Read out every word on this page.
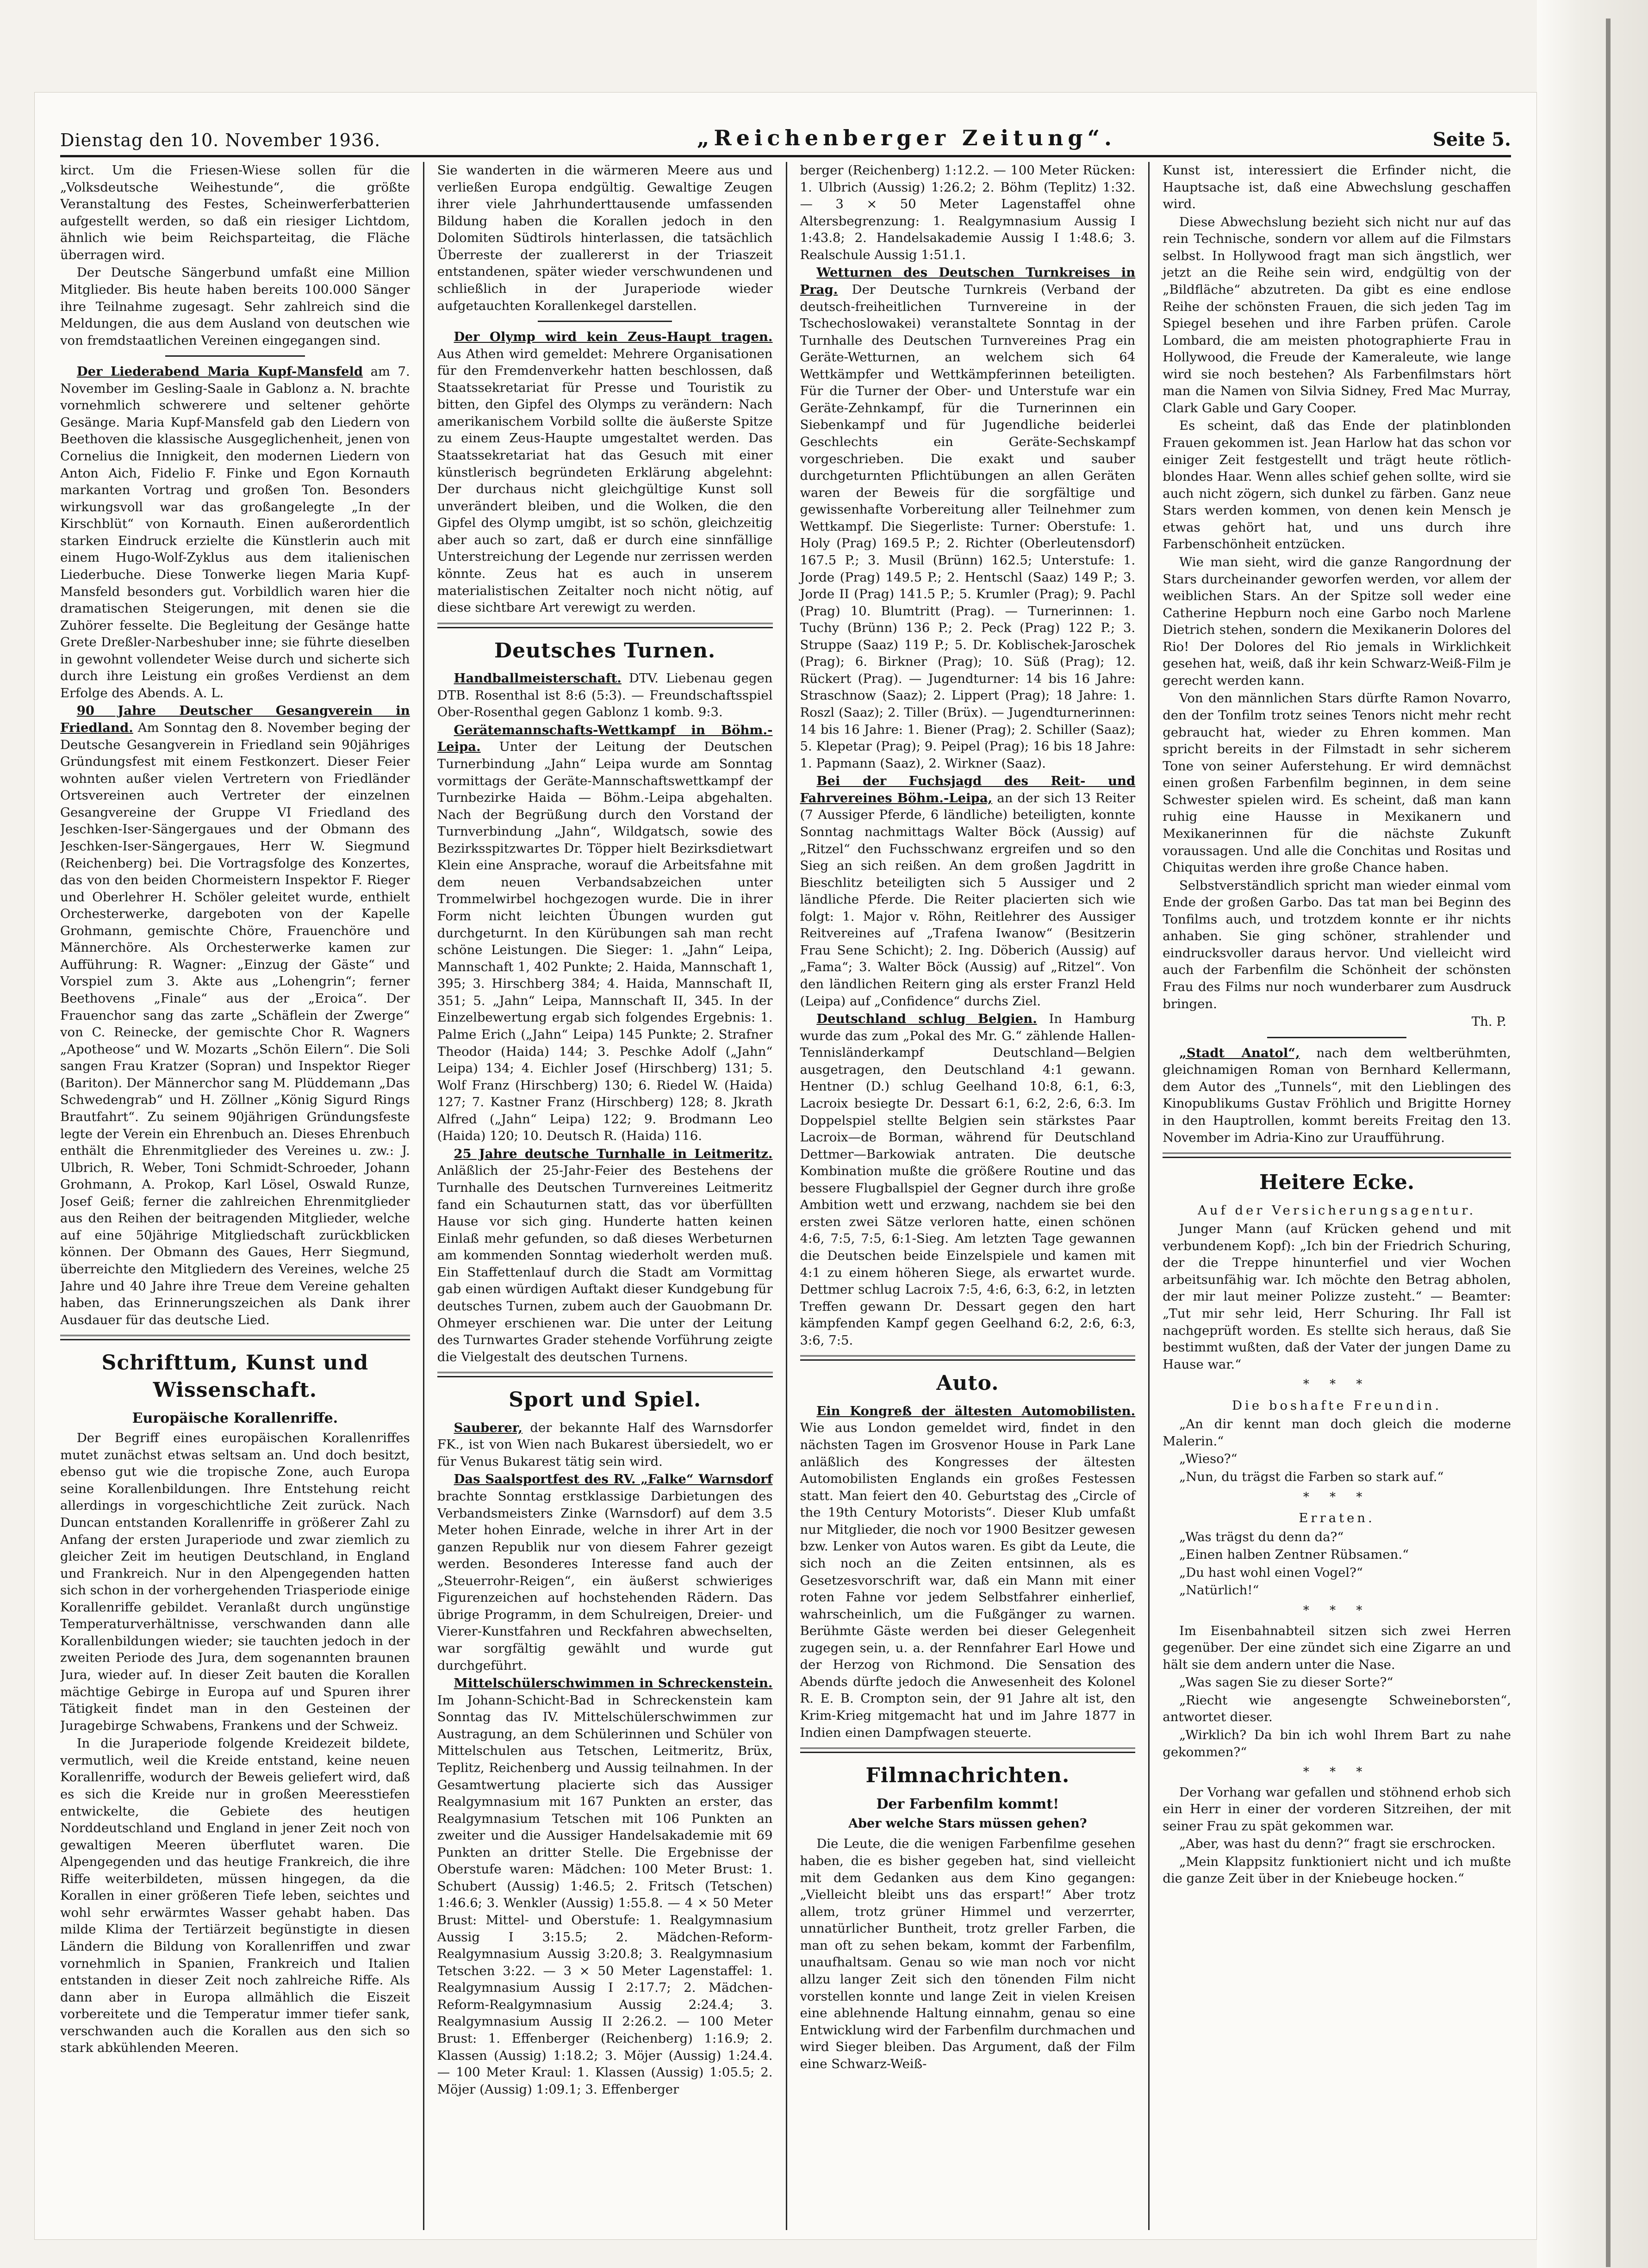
Dienstag den 10. November 1936.	„Reichenberger Zeitung“.	Seite 5.

kirct. Um die Friesen-Wiese sollen für die „Volksdeutsche Weihestunde“, die größte Veranstaltung des Festes, Scheinwerferbatterien aufgestellt werden, so daß ein riesiger Lichtdom, ähnlich wie beim Reichsparteitag, die Fläche überragen wird.

Der Deutsche Sängerbund umfaßt eine Million Mitglieder. Bis heute haben bereits 100.000 Sänger ihre Teilnahme zugesagt. Sehr zahlreich sind die Meldungen, die aus dem Ausland von deutschen wie von fremdstaatlichen Vereinen eingegangen sind.

Der Liederabend Maria Kupf-Mansfeld am 7. November im Gesling-Saale in Gablonz a. N. brachte vornehmlich schwerere und seltener gehörte Gesänge. Maria Kupf-Mansfeld gab den Liedern von Beethoven die klassische Ausgeglichenheit, jenen von Cornelius die Innigkeit, den modernen Liedern von Anton Aich, Fidelio F. Finke und Egon Kornauth markanten Vortrag und großen Ton. Besonders wirkungsvoll war das großangelegte „In der Kirschblüt“ von Kornauth. Einen außerordentlich starken Eindruck erzielte die Künstlerin auch mit einem Hugo-Wolf-Zyklus aus dem italienischen Liederbuche. Diese Tonwerke liegen Maria Kupf-Mansfeld besonders gut. Vorbildlich waren hier die dramatischen Steigerungen, mit denen sie die Zuhörer fesselte. Die Begleitung der Gesänge hatte Grete Dreßler-Narbeshuber inne; sie führte dieselben in gewohnt vollendeter Weise durch und sicherte sich durch ihre Leistung ein großes Verdienst an dem Erfolge des Abends. A. L.

90 Jahre Deutscher Gesangverein in Friedland. Am Sonntag den 8. November beging der Deutsche Gesangverein in Friedland sein 90jähriges Gründungsfest mit einem Festkonzert. Dieser Feier wohnten außer vielen Vertretern von Friedländer Ortsvereinen auch Vertreter der einzelnen Gesangvereine der Gruppe VI Friedland des Jeschken-Iser-Sängergaues und der Obmann des Jeschken-Iser-Sängergaues, Herr W. Siegmund (Reichenberg) bei. Die Vortragsfolge des Konzertes, das von den beiden Chormeistern Inspektor F. Rieger und Oberlehrer H. Schöler geleitet wurde, enthielt Orchesterwerke, dargeboten von der Kapelle Grohmann, gemischte Chöre, Frauenchöre und Männerchöre. Als Orchesterwerke kamen zur Aufführung: R. Wagner: „Einzug der Gäste“ und Vorspiel zum 3. Akte aus „Lohengrin“; ferner Beethovens „Finale“ aus der „Eroica“. Der Frauenchor sang das zarte „Schäflein der Zwerge“ von C. Reinecke, der gemischte Chor R. Wagners „Apotheose“ und W. Mozarts „Schön Eilern“. Die Soli sangen Frau Kratzer (Sopran) und Inspektor Rieger (Bariton). Der Männerchor sang M. Plüddemann „Das Schwedengrab“ und H. Zöllner „König Sigurd Rings Brautfahrt“. Zu seinem 90jährigen Gründungsfeste legte der Verein ein Ehrenbuch an. Dieses Ehrenbuch enthält die Ehrenmitglieder des Vereines u. zw.: J. Ulbrich, R. Weber, Toni Schmidt-Schroeder, Johann Grohmann, A. Prokop, Karl Lösel, Oswald Runze, Josef Geiß; ferner die zahlreichen Ehrenmitglieder aus den Reihen der beitragenden Mitglieder, welche auf eine 50jährige Mitgliedschaft zurückblicken können. Der Obmann des Gaues, Herr Siegmund, überreichte den Mitgliedern des Vereines, welche 25 Jahre und 40 Jahre ihre Treue dem Vereine gehalten haben, das Erinnerungszeichen als Dank ihrer Ausdauer für das deutsche Lied.

Schrifttum, Kunst und Wissenschaft.
Europäische Korallenriffe.

Der Begriff eines europäischen Korallenriffes mutet zunächst etwas seltsam an. Und doch besitzt, ebenso gut wie die tropische Zone, auch Europa seine Korallenbildungen. Ihre Entstehung reicht allerdings in vorgeschichtliche Zeit zurück. Nach Duncan entstanden Korallenriffe in größerer Zahl zu Anfang der ersten Juraperiode und zwar ziemlich zu gleicher Zeit im heutigen Deutschland, in England und Frankreich. Nur in den Alpengegenden hatten sich schon in der vorhergehenden Triasperiode einige Korallenriffe gebildet. Veranlaßt durch ungünstige Temperaturverhältnisse, verschwanden dann alle Korallenbildungen wieder; sie tauchten jedoch in der zweiten Periode des Jura, dem sogenannten braunen Jura, wieder auf. In dieser Zeit bauten die Korallen mächtige Gebirge in Europa auf und Spuren ihrer Tätigkeit findet man in den Gesteinen der Juragebirge Schwabens, Frankens und der Schweiz.

In die Juraperiode folgende Kreidezeit bildete, vermutlich, weil die Kreide entstand, keine neuen Korallenriffe, wodurch der Beweis geliefert wird, daß es sich die Kreide nur in großen Meeresstiefen entwickelte, die Gebiete des heutigen Norddeutschland und England in jener Zeit noch von gewaltigen Meeren überflutet waren. Die Alpengegenden und das heutige Frankreich, die ihre Riffe weiterbildeten, müssen hingegen, da die Korallen in einer größeren Tiefe leben, seichtes und wohl sehr erwärmtes Wasser gehabt haben. Das milde Klima der Tertiärzeit begünstigte in diesen Ländern die Bildung von Korallenriffen und zwar vornehmlich in Spanien, Frankreich und Italien entstanden in dieser Zeit noch zahlreiche Riffe. Als dann aber in Europa allmählich die Eiszeit vorbereitete und die Temperatur immer tiefer sank, verschwanden auch die Korallen aus den sich so stark abkühlenden Meeren.

Sie wanderten in die wärmeren Meere aus und verließen Europa endgültig. Gewaltige Zeugen ihrer viele Jahrhunderttausende umfassenden Bildung haben die Korallen jedoch in den Dolomiten Südtirols hinterlassen, die tatsächlich Überreste der zuallererst in der Triaszeit entstandenen, später wieder verschwundenen und schließlich in der Juraperiode wieder aufgetauchten Korallenkegel darstellen.

Der Olymp wird kein Zeus-Haupt tragen. Aus Athen wird gemeldet: Mehrere Organisationen für den Fremdenverkehr hatten beschlossen, daß Staatssekretariat für Presse und Touristik zu bitten, den Gipfel des Olymps zu verändern: Nach amerikanischem Vorbild sollte die äußerste Spitze zu einem Zeus-Haupte umgestaltet werden. Das Staatssekretariat hat das Gesuch mit einer künstlerisch begründeten Erklärung abgelehnt: Der durchaus nicht gleichgültige Kunst soll unverändert bleiben, und die Wolken, die den Gipfel des Olymp umgibt, ist so schön, gleichzeitig aber auch so zart, daß er durch eine sinnfällige Unterstreichung der Legende nur zerrissen werden könnte. Zeus hat es auch in unserem materialistischen Zeitalter noch nicht nötig, auf diese sichtbare Art verewigt zu werden.

Deutsches Turnen.

Handballmeisterschaft. DTV. Liebenau gegen DTB. Rosenthal ist 8:6 (5:3). — Freundschaftsspiel Ober-Rosenthal gegen Gablonz 1 komb. 9:3.

Gerätemannschafts-Wettkampf in Böhm.-Leipa. Unter der Leitung der Deutschen Turnerbindung „Jahn“ Leipa wurde am Sonntag vormittags der Geräte-Mannschaftswettkampf der Turnbezirke Haida — Böhm.-Leipa abgehalten. Nach der Begrüßung durch den Vorstand der Turnverbindung „Jahn“, Wildgatsch, sowie des Bezirksspitzwartes Dr. Töpper hielt Bezirksdietwart Klein eine Ansprache, worauf die Arbeitsfahne mit dem neuen Verbandsabzeichen unter Trommelwirbel hochgezogen wurde. Die in ihrer Form nicht leichten Übungen wurden gut durchgeturnt. In den Kürübungen sah man recht schöne Leistungen. Die Sieger: 1. „Jahn“ Leipa, Mannschaft 1, 402 Punkte; 2. Haida, Mannschaft 1, 395; 3. Hirschberg 384; 4. Haida, Mannschaft II, 351; 5. „Jahn“ Leipa, Mannschaft II, 345. In der Einzelbewertung ergab sich folgendes Ergebnis: 1. Palme Erich („Jahn“ Leipa) 145 Punkte; 2. Strafner Theodor (Haida) 144; 3. Peschke Adolf („Jahn“ Leipa) 134; 4. Eichler Josef (Hirschberg) 131; 5. Wolf Franz (Hirschberg) 130; 6. Riedel W. (Haida) 127; 7. Kastner Franz (Hirschberg) 128; 8. Jkrath Alfred („Jahn“ Leipa) 122; 9. Brodmann Leo (Haida) 120; 10. Deutsch R. (Haida) 116.

25 Jahre deutsche Turnhalle in Leitmeritz. Anläßlich der 25-Jahr-Feier des Bestehens der Turnhalle des Deutschen Turnvereines Leitmeritz fand ein Schauturnen statt, das vor überfüllten Hause vor sich ging. Hunderte hatten keinen Einlaß mehr gefunden, so daß dieses Werbeturnen am kommenden Sonntag wiederholt werden muß. Ein Staffettenlauf durch die Stadt am Vormittag gab einen würdigen Auftakt dieser Kundgebung für deutsches Turnen, zubem auch der Gauobmann Dr. Ohmeyer erschienen war. Die unter der Leitung des Turnwartes Grader stehende Vorführung zeigte die Vielgestalt des deutschen Turnens.

Sport und Spiel.

Sauberer, der bekannte Half des Warnsdorfer FK., ist von Wien nach Bukarest übersiedelt, wo er für Venus Bukarest tätig sein wird.

Das Saalsportfest des RV. „Falke“ Warnsdorf brachte Sonntag erstklassige Darbietungen des Verbandsmeisters Zinke (Warnsdorf) auf dem 3.5 Meter hohen Einrade, welche in ihrer Art in der ganzen Republik nur von diesem Fahrer gezeigt werden. Besonderes Interesse fand auch der „Steuerrohr-Reigen“, ein äußerst schwieriges Figurenzeichen auf hochstehenden Rädern. Das übrige Programm, in dem Schulreigen, Dreier- und Vierer-Kunstfahren und Reckfahren abwechselten, war sorgfältig gewählt und wurde gut durchgeführt.

Mittelschülerschwimmen in Schreckenstein. Im Johann-Schicht-Bad in Schreckenstein kam Sonntag das IV. Mittelschülerschwimmen zur Austragung, an dem Schülerinnen und Schüler von Mittelschulen aus Tetschen, Leitmeritz, Brüx, Teplitz, Reichenberg und Aussig teilnahmen. In der Gesamtwertung placierte sich das Aussiger Realgymnasium mit 167 Punkten an erster, das Realgymnasium Tetschen mit 106 Punkten an zweiter und die Aussiger Handelsakademie mit 69 Punkten an dritter Stelle. Die Ergebnisse der Oberstufe waren: Mädchen: 100 Meter Brust: 1. Schubert (Aussig) 1:46.5; 2. Fritsch (Tetschen) 1:46.6; 3. Wenkler (Aussig) 1:55.8. — 4 × 50 Meter Brust: Mittel- und Oberstufe: 1. Realgymnasium Aussig I 3:15.5; 2. Mädchen-Reform-Realgymnasium Aussig 3:20.8; 3. Realgymnasium Tetschen 3:22. — 3 × 50 Meter Lagenstaffel: 1. Realgymnasium Aussig I 2:17.7; 2. Mädchen-Reform-Realgymnasium Aussig 2:24.4; 3. Realgymnasium Aussig II 2:26.2. — 100 Meter Brust: 1. Effenberger (Reichenberg) 1:16.9; 2. Klassen (Aussig) 1:18.2; 3. Möjer (Aussig) 1:24.4. — 100 Meter Kraul: 1. Klassen (Aussig) 1:05.5; 2. Möjer (Aussig) 1:09.1; 3. Effenberger

berger (Reichenberg) 1:12.2. — 100 Meter Rücken: 1. Ulbrich (Aussig) 1:26.2; 2. Böhm (Teplitz) 1:32. — 3 × 50 Meter Lagenstaffel ohne Altersbegrenzung: 1. Realgymnasium Aussig I 1:43.8; 2. Handelsakademie Aussig I 1:48.6; 3. Realschule Aussig 1:51.1.

Wetturnen des Deutschen Turnkreises in Prag. Der Deutsche Turnkreis (Verband der deutsch-freiheitlichen Turnvereine in der Tschechoslowakei) veranstaltete Sonntag in der Turnhalle des Deutschen Turnvereines Prag ein Geräte-Wetturnen, an welchem sich 64 Wettkämpfer und Wettkämpferinnen beteiligten. Für die Turner der Ober- und Unterstufe war ein Geräte-Zehnkampf, für die Turnerinnen ein Siebenkampf und für Jugendliche beiderlei Geschlechts ein Geräte-Sechskampf vorgeschrieben. Die exakt und sauber durchgeturnten Pflichtübungen an allen Geräten waren der Beweis für die sorgfältige und gewissenhafte Vorbereitung aller Teilnehmer zum Wettkampf. Die Siegerliste: Turner: Oberstufe: 1. Holy (Prag) 169.5 P.; 2. Richter (Oberleutensdorf) 167.5 P.; 3. Musil (Brünn) 162.5; Unterstufe: 1. Jorde (Prag) 149.5 P.; 2. Hentschl (Saaz) 149 P.; 3. Jorde II (Prag) 141.5 P.; 5. Krumler (Prag); 9. Pachl (Prag) 10. Blumtritt (Prag). — Turnerinnen: 1. Tuchy (Brünn) 136 P.; 2. Peck (Prag) 122 P.; 3. Struppe (Saaz) 119 P.; 5. Dr. Koblischek-Jaroschek (Prag); 6. Birkner (Prag); 10. Süß (Prag); 12. Rückert (Prag). — Jugendturner: 14 bis 16 Jahre: Straschnow (Saaz); 2. Lippert (Prag); 18 Jahre: 1. Roszl (Saaz); 2. Tiller (Brüx). — Jugendturnerinnen: 14 bis 16 Jahre: 1. Biener (Prag); 2. Schiller (Saaz); 5. Klepetar (Prag); 9. Peipel (Prag); 16 bis 18 Jahre: 1. Papmann (Saaz), 2. Wirkner (Saaz).

Bei der Fuchsjagd des Reit- und Fahrvereines Böhm.-Leipa, an der sich 13 Reiter (7 Aussiger Pferde, 6 ländliche) beteiligten, konnte Sonntag nachmittags Walter Böck (Aussig) auf „Ritzel“ den Fuchsschwanz ergreifen und so den Sieg an sich reißen. An dem großen Jagdritt in Bieschlitz beteiligten sich 5 Aussiger und 2 ländliche Pferde. Die Reiter placierten sich wie folgt: 1. Major v. Röhn, Reitlehrer des Aussiger Reitvereines auf „Trafena Iwanow“ (Besitzerin Frau Sene Schicht); 2. Ing. Döberich (Aussig) auf „Fama“; 3. Walter Böck (Aussig) auf „Ritzel“. Von den ländlichen Reitern ging als erster Franzl Held (Leipa) auf „Confidence“ durchs Ziel.

Deutschland schlug Belgien. In Hamburg wurde das zum „Pokal des Mr. G.“ zählende Hallen-Tennisländerkampf Deutschland—Belgien ausgetragen, den Deutschland 4:1 gewann. Hentner (D.) schlug Geelhand 10:8, 6:1, 6:3, Lacroix besiegte Dr. Dessart 6:1, 6:2, 2:6, 6:3. Im Doppelspiel stellte Belgien sein stärkstes Paar Lacroix—de Borman, während für Deutschland Dettmer—Barkowiak antraten. Die deutsche Kombination mußte die größere Routine und das bessere Flugballspiel der Gegner durch ihre große Ambition wett und erzwang, nachdem sie bei den ersten zwei Sätze verloren hatte, einen schönen 4:6, 7:5, 7:5, 6:1-Sieg. Am letzten Tage gewannen die Deutschen beide Einzelspiele und kamen mit 4:1 zu einem höheren Siege, als erwartet wurde. Dettmer schlug Lacroix 7:5, 4:6, 6:3, 6:2, in letzten Treffen gewann Dr. Dessart gegen den hart kämpfenden Kampf gegen Geelhand 6:2, 2:6, 6:3, 3:6, 7:5.

Auto.

Ein Kongreß der ältesten Automobilisten. Wie aus London gemeldet wird, findet in den nächsten Tagen im Grosvenor House in Park Lane anläßlich des Kongresses der ältesten Automobilisten Englands ein großes Festessen statt. Man feiert den 40. Geburtstag des „Circle of the 19th Century Motorists“. Dieser Klub umfaßt nur Mitglieder, die noch vor 1900 Besitzer gewesen bzw. Lenker von Autos waren. Es gibt da Leute, die sich noch an die Zeiten entsinnen, als es Gesetzesvorschrift war, daß ein Mann mit einer roten Fahne vor jedem Selbstfahrer einherlief, wahrscheinlich, um die Fußgänger zu warnen. Berühmte Gäste werden bei dieser Gelegenheit zugegen sein, u. a. der Rennfahrer Earl Howe und der Herzog von Richmond. Die Sensation des Abends dürfte jedoch die Anwesenheit des Kolonel R. E. B. Crompton sein, der 91 Jahre alt ist, den Krim-Krieg mitgemacht hat und im Jahre 1877 in Indien einen Dampfwagen steuerte.

Filmnachrichten.
Der Farbenfilm kommt!
Aber welche Stars müssen gehen?

Die Leute, die die wenigen Farbenfilme gesehen haben, die es bisher gegeben hat, sind vielleicht mit dem Gedanken aus dem Kino gegangen: „Vielleicht bleibt uns das erspart!“ Aber trotz allem, trotz grüner Himmel und verzerrter, unnatürlicher Buntheit, trotz greller Farben, die man oft zu sehen bekam, kommt der Farbenfilm, unaufhaltsam. Genau so wie man noch vor nicht allzu langer Zeit sich den tönenden Film nicht vorstellen konnte und lange Zeit in vielen Kreisen eine ablehnende Haltung einnahm, genau so eine Entwicklung wird der Farbenfilm durchmachen und wird Sieger bleiben. Das Argument, daß der Film eine Schwarz-Weiß-

Kunst ist, interessiert die Erfinder nicht, die Hauptsache ist, daß eine Abwechslung geschaffen wird.

Diese Abwechslung bezieht sich nicht nur auf das rein Technische, sondern vor allem auf die Filmstars selbst. In Hollywood fragt man sich ängstlich, wer jetzt an die Reihe sein wird, endgültig von der „Bildfläche“ abzutreten. Da gibt es eine endlose Reihe der schönsten Frauen, die sich jeden Tag im Spiegel besehen und ihre Farben prüfen. Carole Lombard, die am meisten photographierte Frau in Hollywood, die Freude der Kameraleute, wie lange wird sie noch bestehen? Als Farbenfilmstars hört man die Namen von Silvia Sidney, Fred Mac Murray, Clark Gable und Gary Cooper.

Es scheint, daß das Ende der platinblonden Frauen gekommen ist. Jean Harlow hat das schon vor einiger Zeit festgestellt und trägt heute rötlich-blondes Haar. Wenn alles schief gehen sollte, wird sie auch nicht zögern, sich dunkel zu färben. Ganz neue Stars werden kommen, von denen kein Mensch je etwas gehört hat, und uns durch ihre Farbenschönheit entzücken.

Wie man sieht, wird die ganze Rangordnung der Stars durcheinander geworfen werden, vor allem der weiblichen Stars. An der Spitze soll weder eine Catherine Hepburn noch eine Garbo noch Marlene Dietrich stehen, sondern die Mexikanerin Dolores del Rio! Der Dolores del Rio jemals in Wirklichkeit gesehen hat, weiß, daß ihr kein Schwarz-Weiß-Film je gerecht werden kann.

Von den männlichen Stars dürfte Ramon Novarro, den der Tonfilm trotz seines Tenors nicht mehr recht gebraucht hat, wieder zu Ehren kommen. Man spricht bereits in der Filmstadt in sehr sicherem Tone von seiner Auferstehung. Er wird demnächst einen großen Farbenfilm beginnen, in dem seine Schwester spielen wird. Es scheint, daß man kann ruhig eine Hausse in Mexikanern und Mexikanerinnen für die nächste Zukunft voraussagen. Und alle die Conchitas und Rositas und Chiquitas werden ihre große Chance haben.

Selbstverständlich spricht man wieder einmal vom Ende der großen Garbo. Das tat man bei Beginn des Tonfilms auch, und trotzdem konnte er ihr nichts anhaben. Sie ging schöner, strahlender und eindrucksvoller daraus hervor. Und vielleicht wird auch der Farbenfilm die Schönheit der schönsten Frau des Films nur noch wunderbarer zum Ausdruck bringen.

Th. P.

„Stadt Anatol“, nach dem weltberühmten, gleichnamigen Roman von Bernhard Kellermann, dem Autor des „Tunnels“, mit den Lieblingen des Kinopublikums Gustav Fröhlich und Brigitte Horney in den Hauptrollen, kommt bereits Freitag den 13. November im Adria-Kino zur Uraufführung.

Heitere Ecke.
Auf der Versicherungsagentur.

Junger Mann (auf Krücken gehend und mit verbundenem Kopf): „Ich bin der Friedrich Schuring, der die Treppe hinunterfiel und vier Wochen arbeitsunfähig war. Ich möchte den Betrag abholen, der mir laut meiner Polizze zusteht.“ — Beamter: „Tut mir sehr leid, Herr Schuring. Ihr Fall ist nachgeprüft worden. Es stellte sich heraus, daß Sie bestimmt wußten, daß der Vater der jungen Dame zu Hause war.“

* * *
Die boshafte Freundin.

„An dir kennt man doch gleich die moderne Malerin.“

„Wieso?“

„Nun, du trägst die Farben so stark auf.“

* * *
Erraten.

„Was trägst du denn da?“

„Einen halben Zentner Rübsamen.“

„Du hast wohl einen Vogel?“

„Natürlich!“

* * *

Im Eisenbahnabteil sitzen sich zwei Herren gegenüber. Der eine zündet sich eine Zigarre an und hält sie dem andern unter die Nase.

„Was sagen Sie zu dieser Sorte?“

„Riecht wie angesengte Schweineborsten“, antwortet dieser.

„Wirklich? Da bin ich wohl Ihrem Bart zu nahe gekommen?“

* * *

Der Vorhang war gefallen und stöhnend erhob sich ein Herr in einer der vorderen Sitzreihen, der mit seiner Frau zu spät gekommen war.

„Aber, was hast du denn?“ fragt sie erschrocken.

„Mein Klappsitz funktioniert nicht und ich mußte die ganze Zeit über in der Kniebeuge hocken.“
